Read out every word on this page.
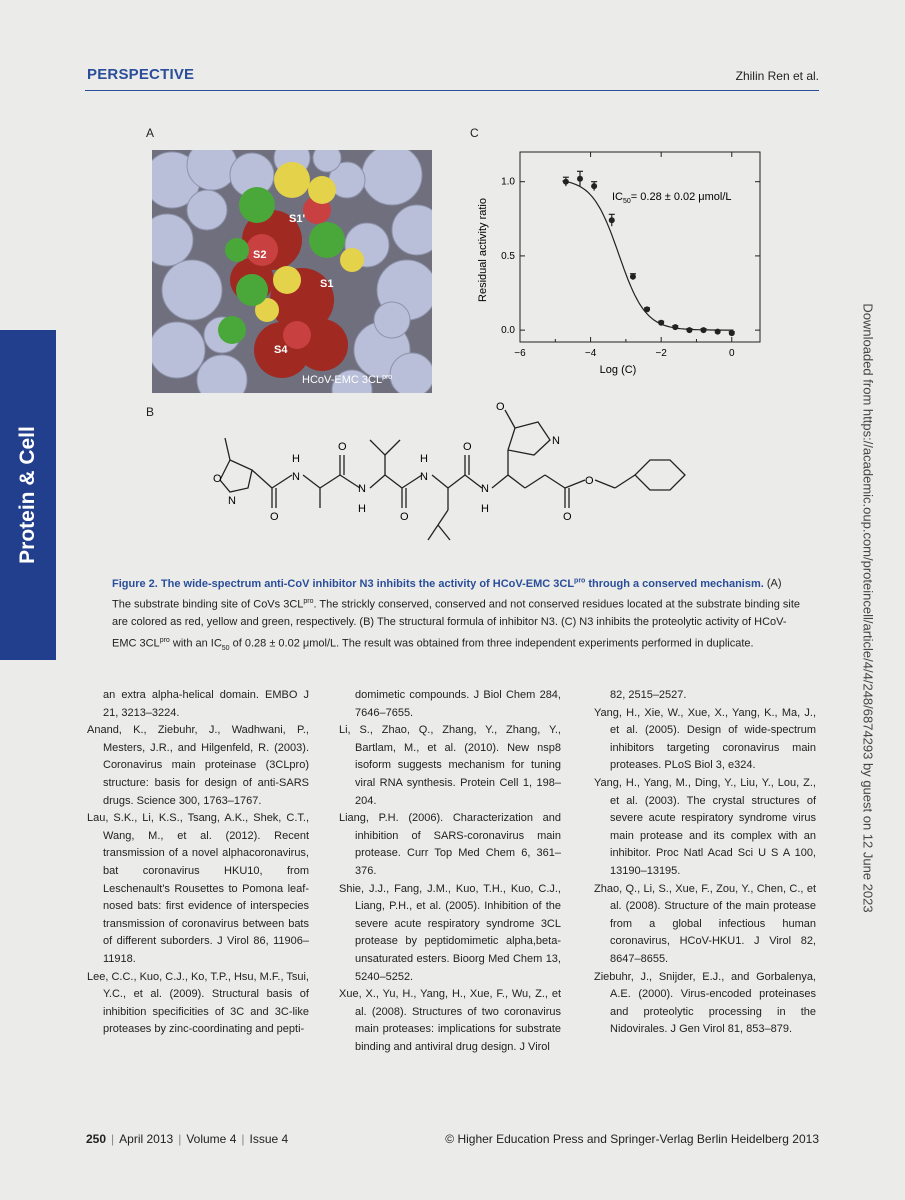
PERSPECTIVE	Zhilin Ren et al.
Protein & Cell	Downloaded from https://academic.oup.com/proteincell/article/4/4/248/6874293 by guest on 12 June 2023
A
S1'
S2
S1
S4
HCoV-EMC $3CL^{pro}$
C
−6	−4	−2	0
0.0
0.5
1.0
$IC_{50}= 0.28 \pm 0.02$ μmol/L
Log (C)
Residual activity ratio
B
O
N
H
N
O
N
H
O
H
N
O
N
H
O
O
O
N
O
Figure 2. The wide-spectrum anti-CoV inhibitor N3 inhibits the activity of HCoV-EMC $3CL^{pro}$ through a conserved mechanism. (A) The substrate binding site of CoVs $3CL^{pro}$. The strickly conserved, conserved and not conserved residues located at the substrate binding site are colored as red, yellow and green, respectively. (B) The structural formula of inhibitor N3. (C) N3 inhibits the proteolytic activity of HCoV-EMC $3CL^{pro}$ with an $IC_{50}$ of 0.28 ± 0.02 μmol/L. The result was obtained from three independent experiments performed in duplicate.

an extra alpha-helical domain. EMBO J 21, 3213–3224.

Anand, K., Ziebuhr, J., Wadhwani, P., Mesters, J.R., and Hilgenfeld, R. (2003). Coronavirus main proteinase (3CLpro) structure: basis for design of anti-SARS drugs. Science 300, 1763–1767.

Lau, S.K., Li, K.S., Tsang, A.K., Shek, C.T., Wang, M., et al. (2012). Recent transmission of a novel alphacoronavirus, bat coronavirus HKU10, from Leschenault's Rousettes to Pomona leaf-nosed bats: first evidence of interspecies transmission of coronavirus between bats of different suborders. J Virol 86, 11906–11918.

Lee, C.C., Kuo, C.J., Ko, T.P., Hsu, M.F., Tsui, Y.C., et al. (2009). Structural basis of inhibition specificities of 3C and 3C-like proteases by zinc-coordinating and pepti-

domimetic compounds. J Biol Chem 284, 7646–7655.

Li, S., Zhao, Q., Zhang, Y., Zhang, Y., Bartlam, M., et al. (2010). New nsp8 isoform suggests mechanism for tuning viral RNA synthesis. Protein Cell 1, 198–204.

Liang, P.H. (2006). Characterization and inhibition of SARS-coronavirus main protease. Curr Top Med Chem 6, 361–376.

Shie, J.J., Fang, J.M., Kuo, T.H., Kuo, C.J., Liang, P.H., et al. (2005). Inhibition of the severe acute respiratory syndrome 3CL protease by peptidomimetic alpha,beta-unsaturated esters. Bioorg Med Chem 13, 5240–5252.

Xue, X., Yu, H., Yang, H., Xue, F., Wu, Z., et al. (2008). Structures of two coronavirus main proteases: implications for substrate binding and antiviral drug design. J Virol

82, 2515–2527.

Yang, H., Xie, W., Xue, X., Yang, K., Ma, J., et al. (2005). Design of wide-spectrum inhibitors targeting coronavirus main proteases. PLoS Biol 3, e324.

Yang, H., Yang, M., Ding, Y., Liu, Y., Lou, Z., et al. (2003). The crystal structures of severe acute respiratory syndrome virus main protease and its complex with an inhibitor. Proc Natl Acad Sci U S A 100, 13190–13195.

Zhao, Q., Li, S., Xue, F., Zou, Y., Chen, C., et al. (2008). Structure of the main protease from a global infectious human coronavirus, HCoV-HKU1. J Virol 82, 8647–8655.

Ziebuhr, J., Snijder, E.J., and Gorbalenya, A.E. (2000). Virus-encoded proteinases and proteolytic processing in the Nidovirales. J Gen Virol 81, 853–879.

250 | April 2013 | Volume 4 | Issue 4	© Higher Education Press and Springer-Verlag Berlin Heidelberg 2013
